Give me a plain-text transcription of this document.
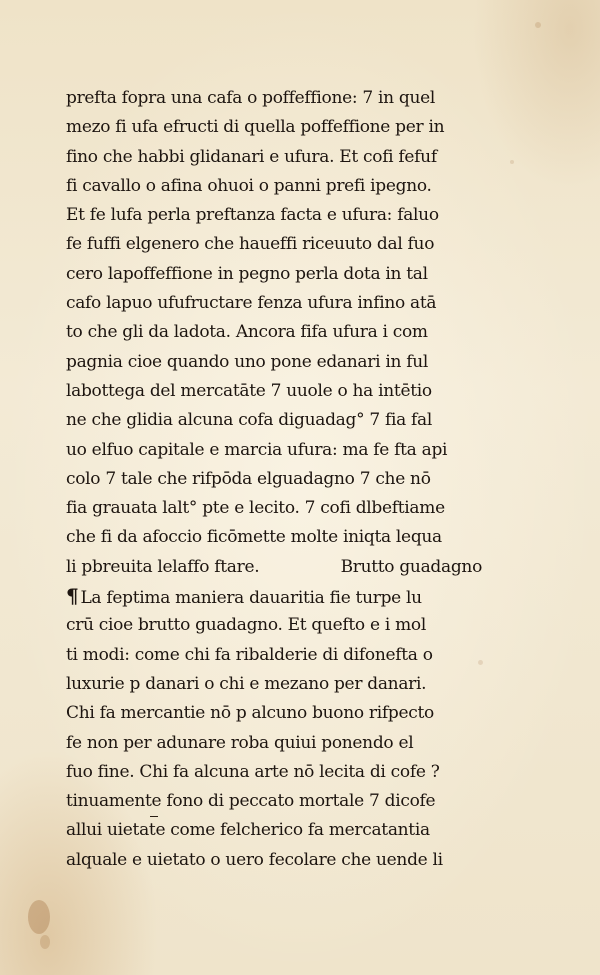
prefta fopra una cafa o poffeffione: 7 in quel
mezo fi ufa efructi di quella poffeffione per in
fino che habbi glidanari e ufura. Et cofi fefuf
fi cavallo o afina ohuoi o panni prefi ipegno.
Et fe lufa perla preftanza facta e ufura: faluo
fe fuffi elgenero che haueffi riceuuto dal fuo
cero lapoffeffione in pegno perla dota in tal
cafo lapuo ufufructare fenza ufura infino atā
to che gli da ladota. Ancora fifa ufura i com
pagnia cioe quando uno pone edanari in ful
labottega del mercatāte 7 uuole o ha intētio
ne che glidia alcuna cofa diguadag° 7 fia fal
uo elfuo capitale e marcia ufura: ma fe fta api
colo 7 tale che rifpōda elguadagno 7 che nō
fia grauata lalt° pte e lecito. 7 cofi dlbeftiame
che fi da afoccio ficōmette molte iniqta lequa
li pbreuita lelaffo ftare.	Brutto guadagno
¶ La feptima maniera dauaritia fie turpe lu
crū cioe brutto guadagno. Et quefto e i mol
ti modi: come chi fa ribalderie di difonefta o
luxurie p danari o chi e mezano per danari.
Chi fa mercantie nō p alcuno buono rifpecto
fe non per adunare roba quiui ponendo el
fuo fine. Chi fa alcuna arte nō lecita di cofe ?
tinuamente fono di peccato mortale 7 dicofe
allui uietate come felcherico fa mercatantia
alquale e uietato o uero fecolare che uende li
